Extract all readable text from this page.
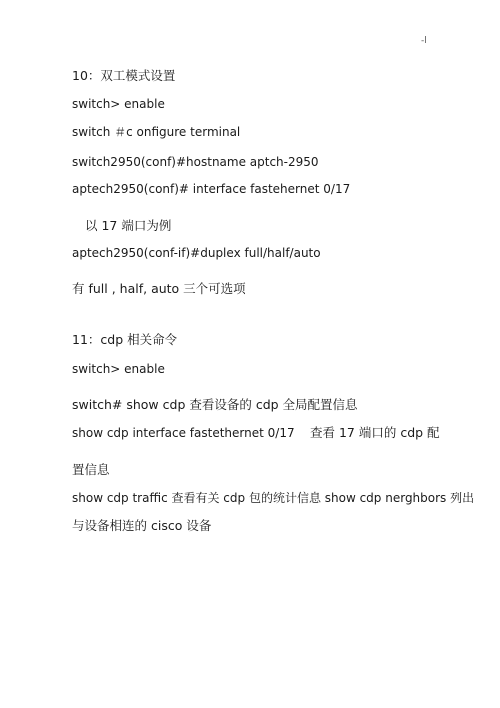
-l
10：双工模式设置
switch> enable
switch ＃c onfigure terminal
switch2950(conf)#hostname aptch-2950
aptech2950(conf)# interface fastehernet 0/17
以 17 端口为例
aptech2950(conf-if)#duplex full/half/auto
有 full , half, auto 三个可选项
11：cdp 相关命令
switch> enable
switch# show cdp 查看设备的 cdp 全局配置信息
show cdp interface fastethernet 0/17 查看 17 端口的 cdp 配
置信息
show cdp traffic 查看有关 cdp 包的统计信息 show cdp nerghbors 列出
与设备相连的 cisco 设备
